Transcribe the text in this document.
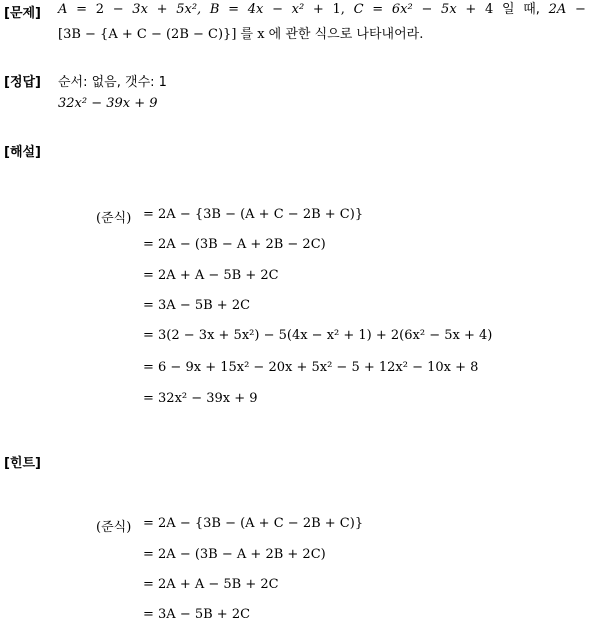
[문제] A = 2 − 3x + 5x², B = 4x − x² + 1, C = 6x² − 5x + 4 일 때, 2A −
[3B − {A + C − (2B − C)}] 를 x 에 관한 식으로 나타내어라.
[정답] 순서: 없음, 갯수: 1
32x² − 39x + 9
[해설]
(준식) = 2A − {3B − (A + C − 2B + C)}
= 2A − (3B − A + 2B − 2C)
= 2A + A − 5B + 2C
= 3A − 5B + 2C
= 3(2 − 3x + 5x²) − 5(4x − x² + 1) + 2(6x² − 5x + 4)
= 6 − 9x + 15x² − 20x + 5x² − 5 + 12x² − 10x + 8
= 32x² − 39x + 9
[힌트]
(준식) = 2A − {3B − (A + C − 2B + C)}
= 2A − (3B − A + 2B + 2C)
= 2A + A − 5B + 2C
= 3A − 5B + 2C
